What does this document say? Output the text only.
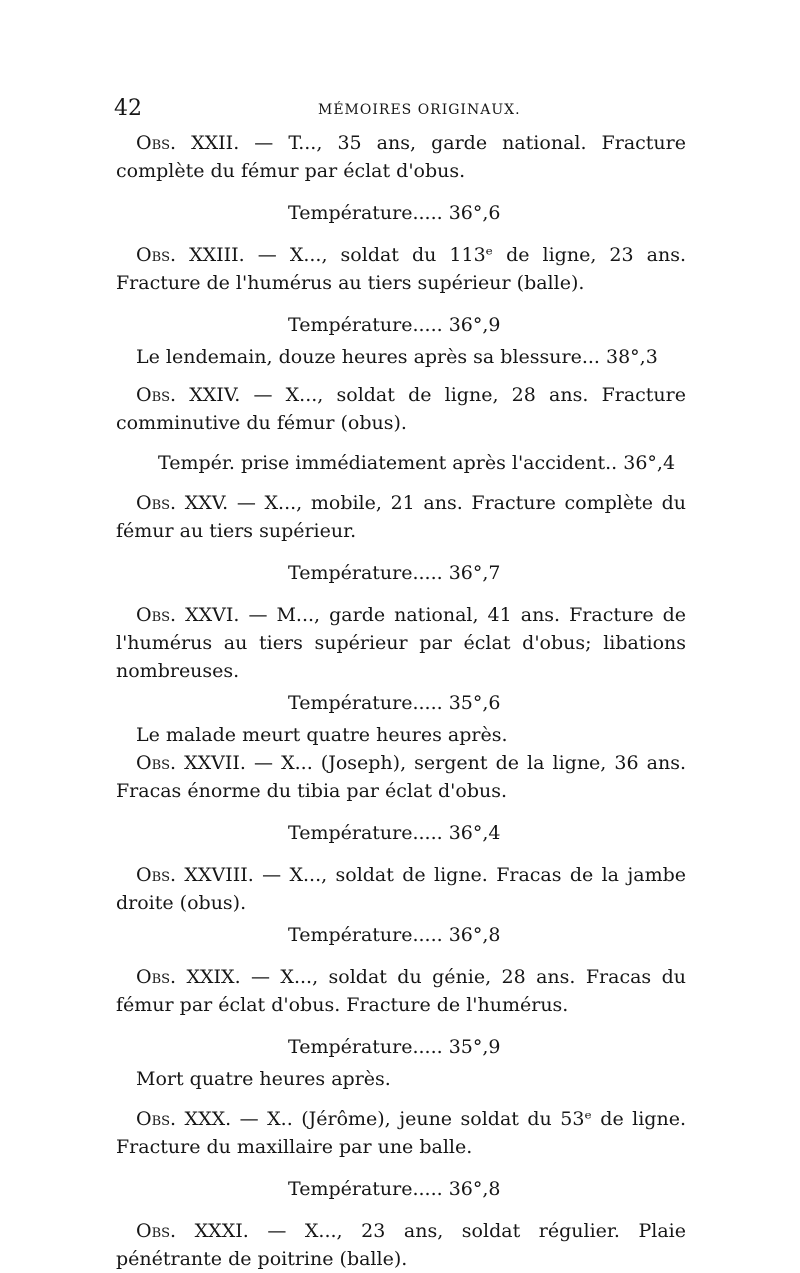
42	MÉMOIRES ORIGINAUX.
Obs. XXII. — T..., 35 ans, garde national. Fracture complète du fémur par éclat d'obus.
Température..... 36°,6
Obs. XXIII. — X..., soldat du 113ᵉ de ligne, 23 ans. Fracture de l'humérus au tiers supérieur (balle).
Température..... 36°,9
Le lendemain, douze heures après sa blessure... 38°,3
Obs. XXIV. — X..., soldat de ligne, 28 ans. Fracture comminutive du fémur (obus).
Tempér. prise immédiatement après l'accident.. 36°,4
Obs. XXV. — X..., mobile, 21 ans. Fracture complète du fémur au tiers supérieur.
Température..... 36°,7
Obs. XXVI. — M..., garde national, 41 ans. Fracture de l'humérus au tiers supérieur par éclat d'obus; libations nombreuses.
Température..... 35°,6
Le malade meurt quatre heures après.
Obs. XXVII. — X... (Joseph), sergent de la ligne, 36 ans. Fracas énorme du tibia par éclat d'obus.
Température..... 36°,4
Obs. XXVIII. — X..., soldat de ligne. Fracas de la jambe droite (obus).
Température..... 36°,8
Obs. XXIX. — X..., soldat du génie, 28 ans. Fracas du fémur par éclat d'obus. Fracture de l'humérus.
Température..... 35°,9
Mort quatre heures après.
Obs. XXX. — X.. (Jérôme), jeune soldat du 53ᵉ de ligne. Fracture du maxillaire par une balle.
Température..... 36°,8
Obs. XXXI. — X..., 23 ans, soldat régulier. Plaie pénétrante de poitrine (balle).
